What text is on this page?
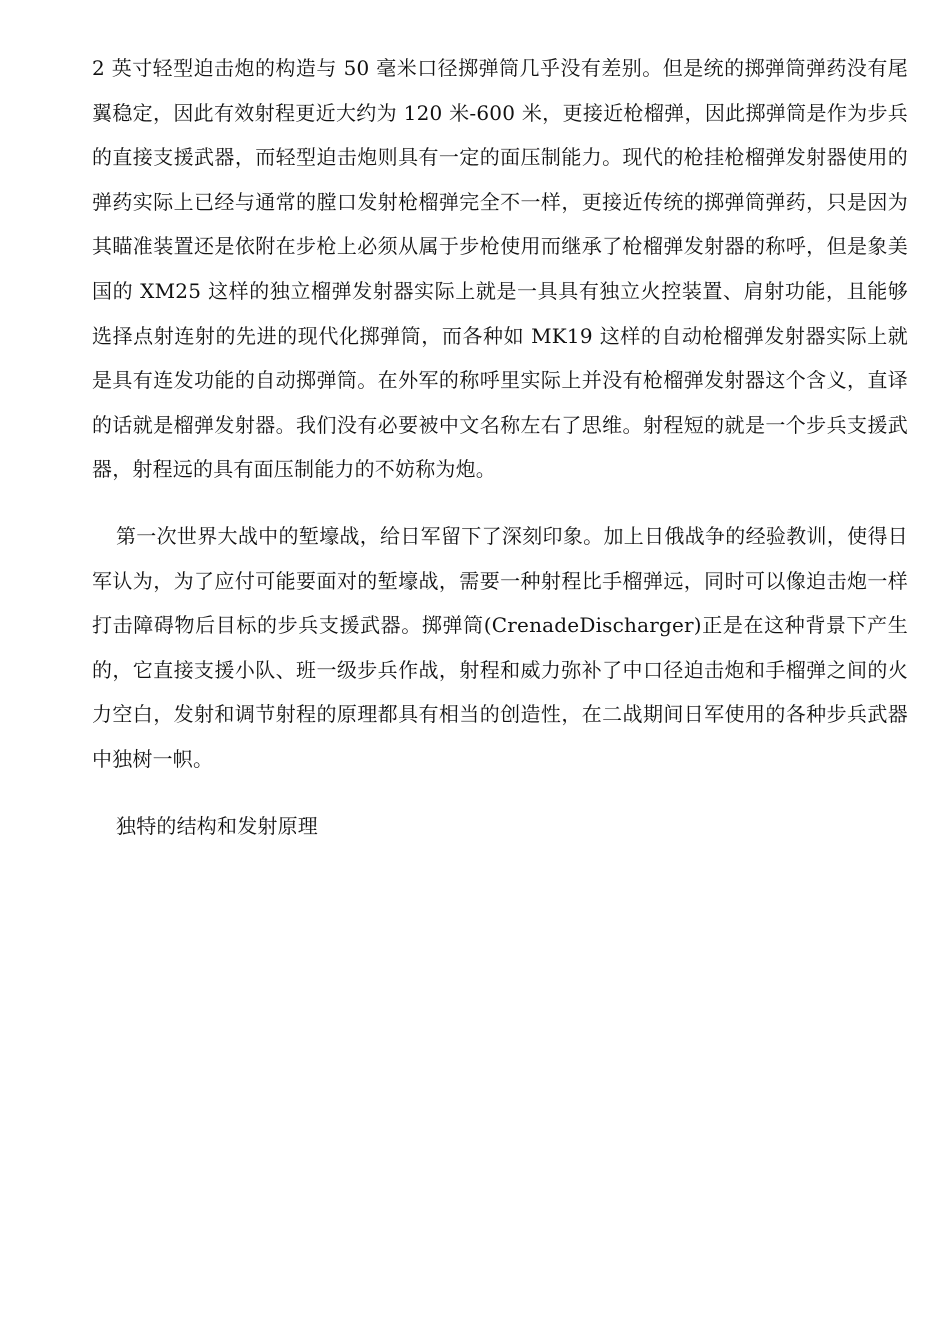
2 英寸轻型迫击炮的构造与 50 毫米口径掷弹筒几乎没有差别。但是统的掷弹筒弹药没有尾翼稳定，因此有效射程更近大约为 120 米-600 米，更接近枪榴弹，因此掷弹筒是作为步兵的直接支援武器，而轻型迫击炮则具有一定的面压制能力。现代的枪挂枪榴弹发射器使用的弹药实际上已经与通常的膛口发射枪榴弹完全不一样，更接近传统的掷弹筒弹药，只是因为其瞄准装置还是依附在步枪上必须从属于步枪使用而继承了枪榴弹发射器的称呼，但是象美国的 XM25 这样的独立榴弹发射器实际上就是一具具有独立火控装置、肩射功能，且能够选择点射连射的先进的现代化掷弹筒，而各种如 MK19 这样的自动枪榴弹发射器实际上就是具有连发功能的自动掷弹筒。在外军的称呼里实际上并没有枪榴弹发射器这个含义，直译的话就是榴弹发射器。我们没有必要被中文名称左右了思维。射程短的就是一个步兵支援武器，射程远的具有面压制能力的不妨称为炮。

第一次世界大战中的堑壕战，给日军留下了深刻印象。加上日俄战争的经验教训，使得日军认为，为了应付可能要面对的堑壕战，需要一种射程比手榴弹远，同时可以像迫击炮一样打击障碍物后目标的步兵支援武器。掷弹筒(CrenadeDischarger)正是在这种背景下产生的，它直接支援小队、班一级步兵作战，射程和威力弥补了中口径迫击炮和手榴弹之间的火力空白，发射和调节射程的原理都具有相当的创造性，在二战期间日军使用的各种步兵武器中独树一帜。

独特的结构和发射原理
